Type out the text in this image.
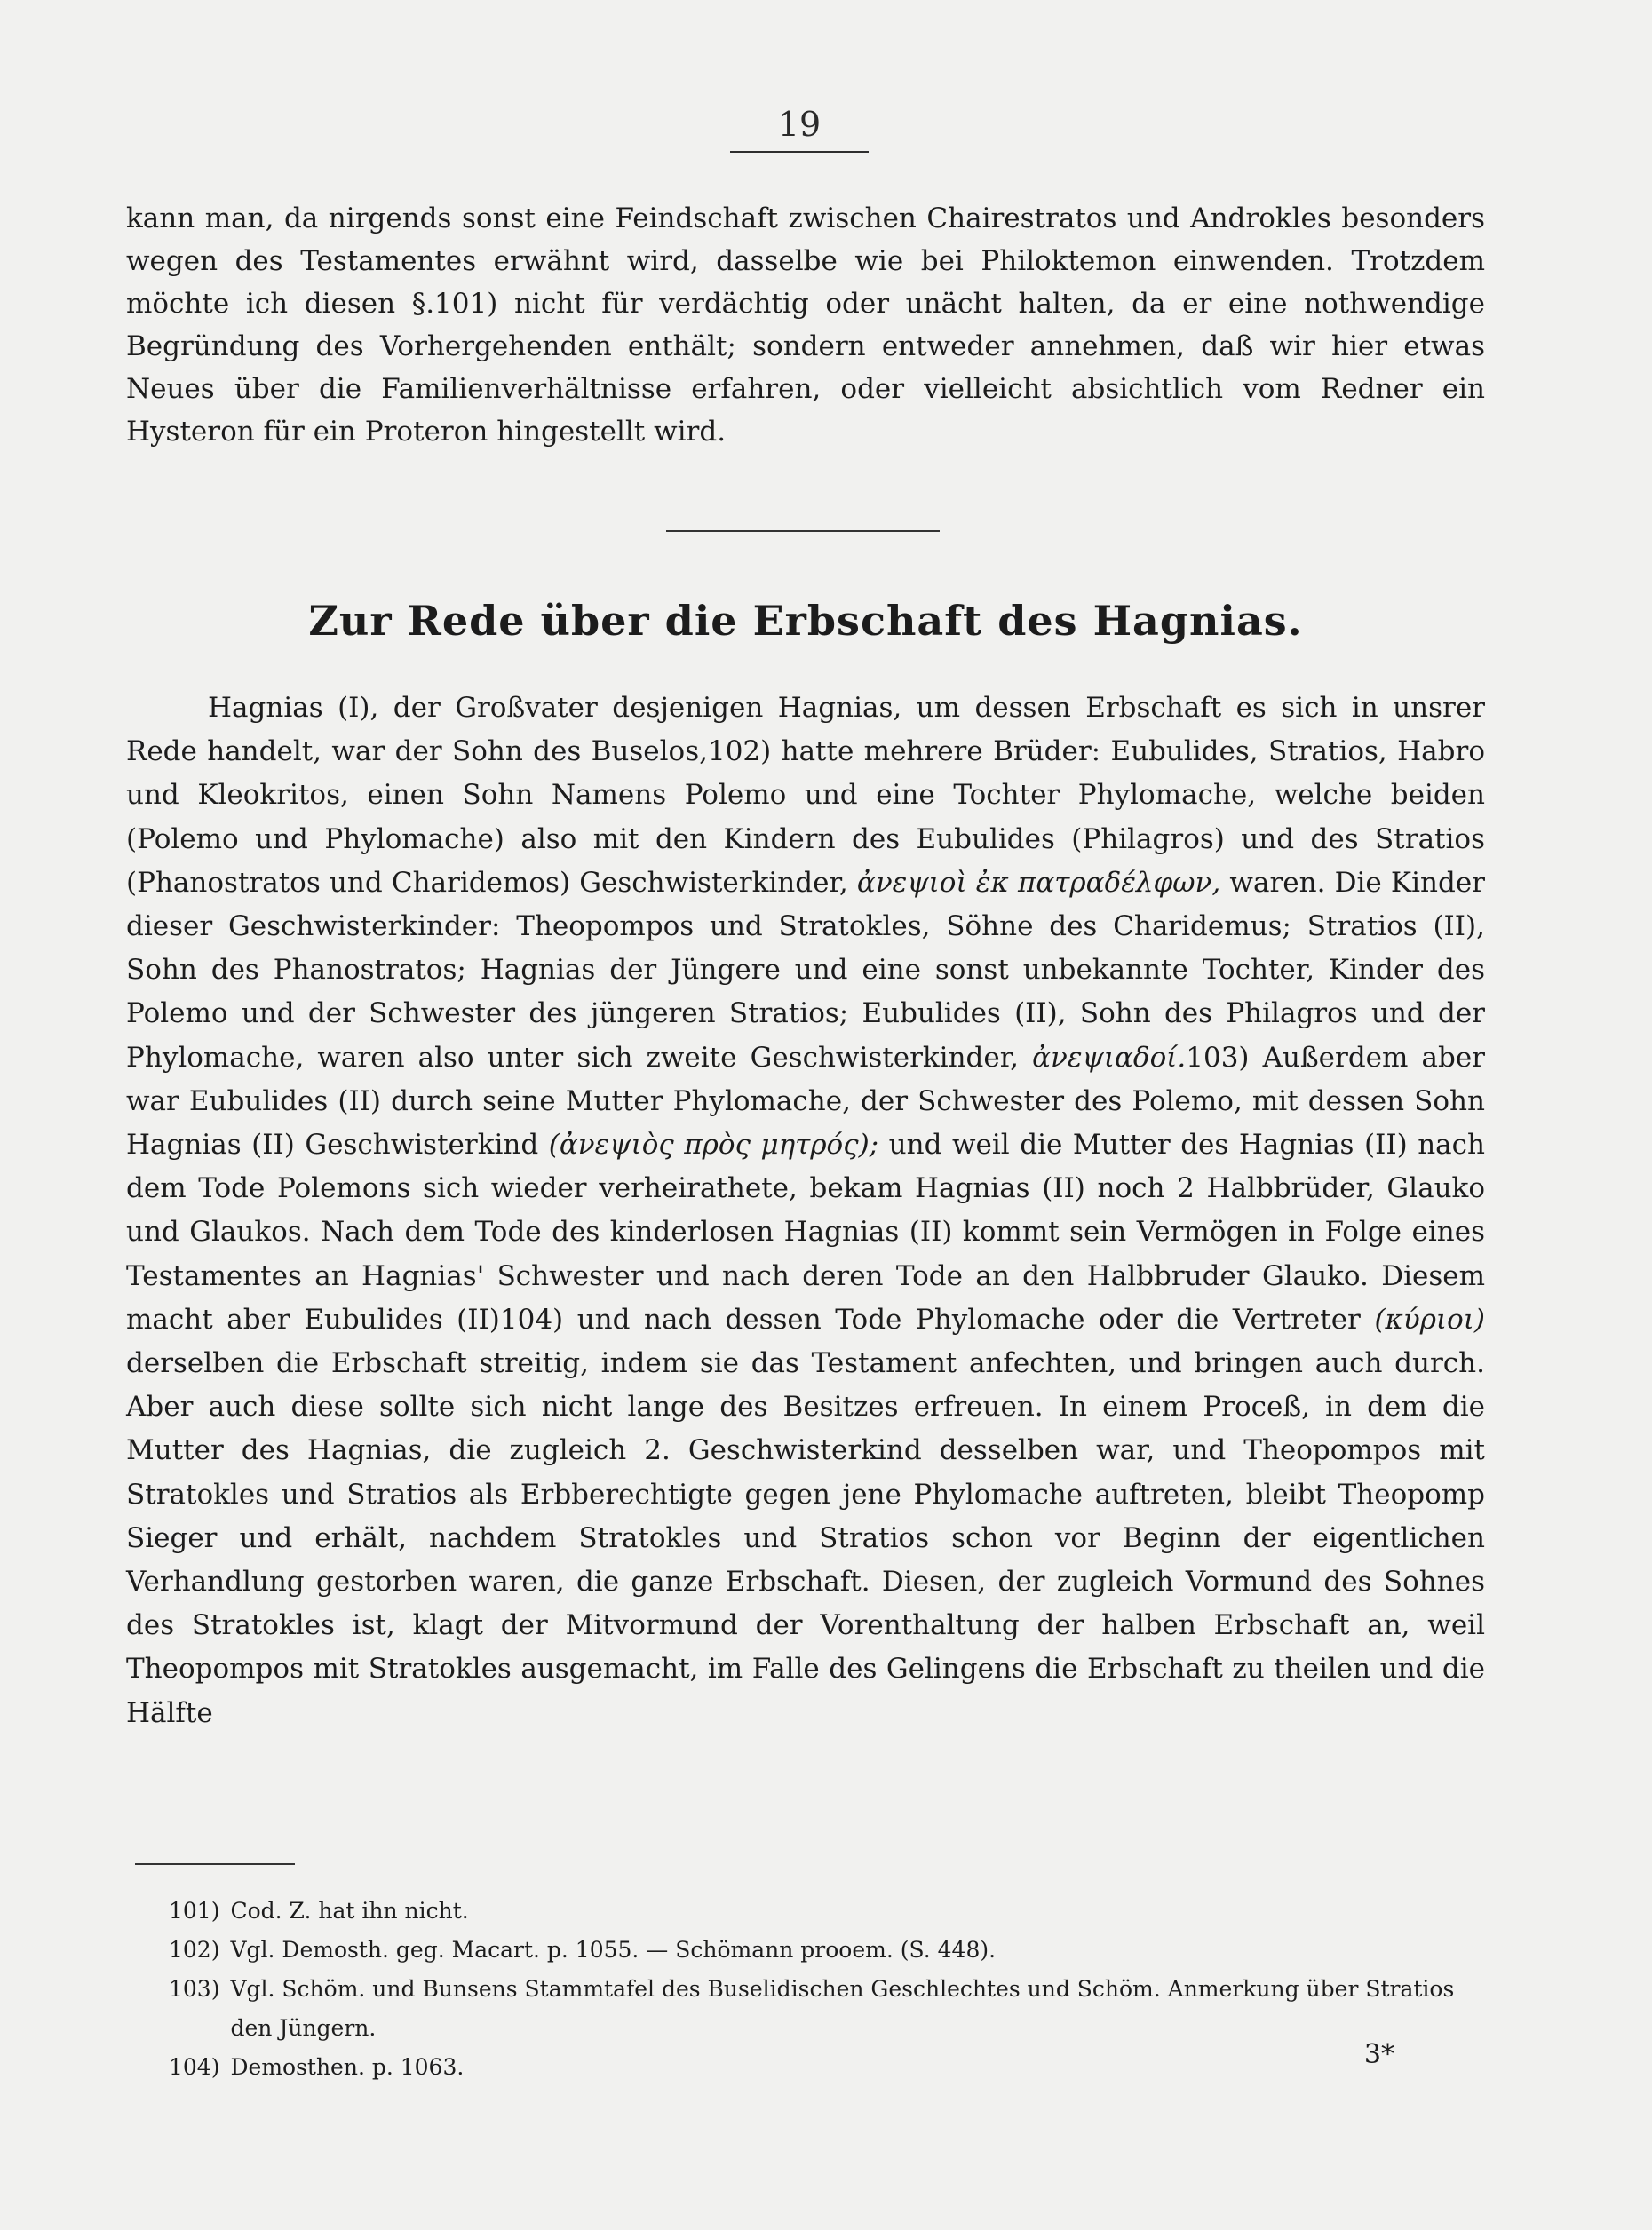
19

kann man, da nirgends sonst eine Feindschaft zwischen Chairestratos und Androkles besonders wegen des Testamentes erwähnt wird, dasselbe wie bei Philoktemon einwenden. Trotzdem möchte ich diesen §.101) nicht für verdächtig oder unächt halten, da er eine nothwendige Begründung des Vorhergehenden enthält; sondern entweder annehmen, daß wir hier etwas Neues über die Familienverhältnisse erfahren, oder vielleicht absichtlich vom Redner ein Hysteron für ein Proteron hingestellt wird.

Zur Rede über die Erbschaft des Hagnias.

Hagnias (I), der Großvater desjenigen Hagnias, um dessen Erbschaft es sich in unsrer Rede handelt, war der Sohn des Buselos,102) hatte mehrere Brüder: Eubulides, Stratios, Habro und Kleokritos, einen Sohn Namens Polemo und eine Tochter Phylomache, welche beiden (Polemo und Phylomache) also mit den Kindern des Eubulides (Philagros) und des Stratios (Phanostratos und Charidemos) Geschwisterkinder, ἀνεψιοὶ ἐκ πατραδέλφων, waren. Die Kinder dieser Geschwisterkinder: Theopompos und Stratokles, Söhne des Charidemus; Stratios (II), Sohn des Phanostratos; Hagnias der Jüngere und eine sonst unbekannte Tochter, Kinder des Polemo und der Schwester des jüngeren Stratios; Eubulides (II), Sohn des Philagros und der Phylomache, waren also unter sich zweite Geschwisterkinder, ἀνεψιαδοί.103) Außerdem aber war Eubulides (II) durch seine Mutter Phylomache, der Schwester des Polemo, mit dessen Sohn Hagnias (II) Geschwisterkind (ἀνεψιὸς πρὸς μητρός); und weil die Mutter des Hagnias (II) nach dem Tode Polemons sich wieder verheirathete, bekam Hagnias (II) noch 2 Halbbrüder, Glauko und Glaukos. Nach dem Tode des kinderlosen Hagnias (II) kommt sein Vermögen in Folge eines Testamentes an Hagnias' Schwester und nach deren Tode an den Halbbruder Glauko. Diesem macht aber Eubulides (II)104) und nach dessen Tode Phylomache oder die Vertreter (κύριοι) derselben die Erbschaft streitig, indem sie das Testament anfechten, und bringen auch durch. Aber auch diese sollte sich nicht lange des Besitzes erfreuen. In einem Proceß, in dem die Mutter des Hagnias, die zugleich 2. Geschwisterkind desselben war, und Theopompos mit Stratokles und Stratios als Erbberechtigte gegen jene Phylomache auftreten, bleibt Theopomp Sieger und erhält, nachdem Stratokles und Stratios schon vor Beginn der eigentlichen Verhandlung gestorben waren, die ganze Erbschaft. Diesen, der zugleich Vormund des Sohnes des Stratokles ist, klagt der Mitvormund der Vorenthaltung der halben Erbschaft an, weil Theopompos mit Stratokles ausgemacht, im Falle des Gelingens die Erbschaft zu theilen und die Hälfte

101) Cod. Z. hat ihn nicht.
102) Vgl. Demosth. geg. Macart. p. 1055. — Schömann prooem. (S. 448).
103) Vgl. Schöm. und Bunsens Stammtafel des Buselidischen Geschlechtes und Schöm. Anmerkung über Stratios den Jüngern.
104) Demosthen. p. 1063.	3*
